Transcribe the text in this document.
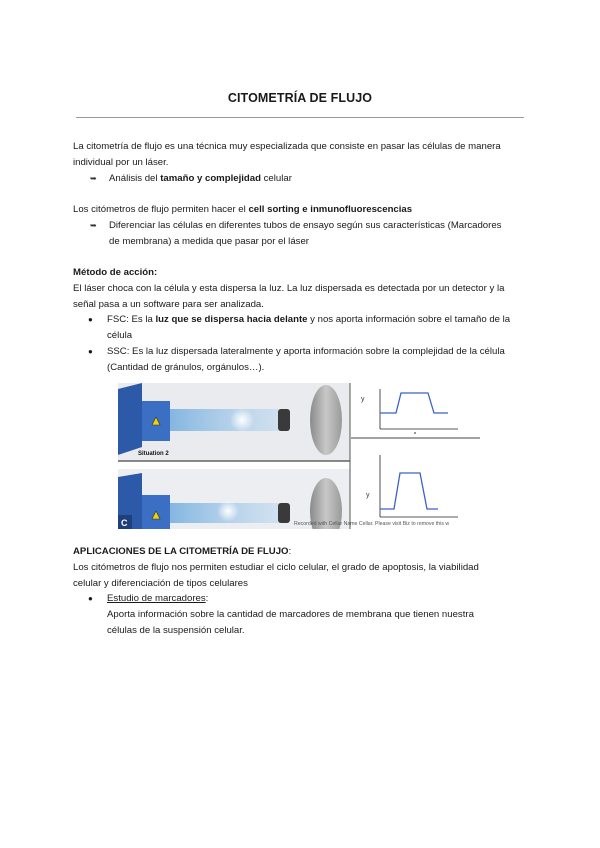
CITOMETRÍA DE FLUJO
La citometría de flujo es una técnica muy especializada que consiste en pasar las células de manera
individual por un láser.
➥ Análisis del tamaño y complejidad celular
Los citómetros de flujo permiten hacer el cell sorting e inmunofluorescencias
➥ Diferenciar las células en diferentes tubos de ensayo según sus características (Marcadores
de membrana) a medida que pasar por el láser
Método de acción:
El láser choca con la célula y esta dispersa la luz. La luz dispersada es detectada por un detector y la
señal pasa a un software para ser analizada.
● FSC: Es la luz que se dispersa hacia delante y nos aporta información sobre el tamaño de la
célula
● SSC: Es la luz dispersada lateralmente y aporta información sobre la complejidad de la célula
(Cantidad de gránulos, orgánulos…).
Situation 2
C
y
y
Recorded with Cellar Name Cellar. Please visit Biz to remove this w
APLICACIONES DE LA CITOMETRÍA DE FLUJO:
Los citómetros de flujo nos permiten estudiar el ciclo celular, el grado de apoptosis, la viabilidad
celular y diferenciación de tipos celulares
● Estudio de marcadores:
Aporta información sobre la cantidad de marcadores de membrana que tienen nuestra
células de la suspensión celular.
